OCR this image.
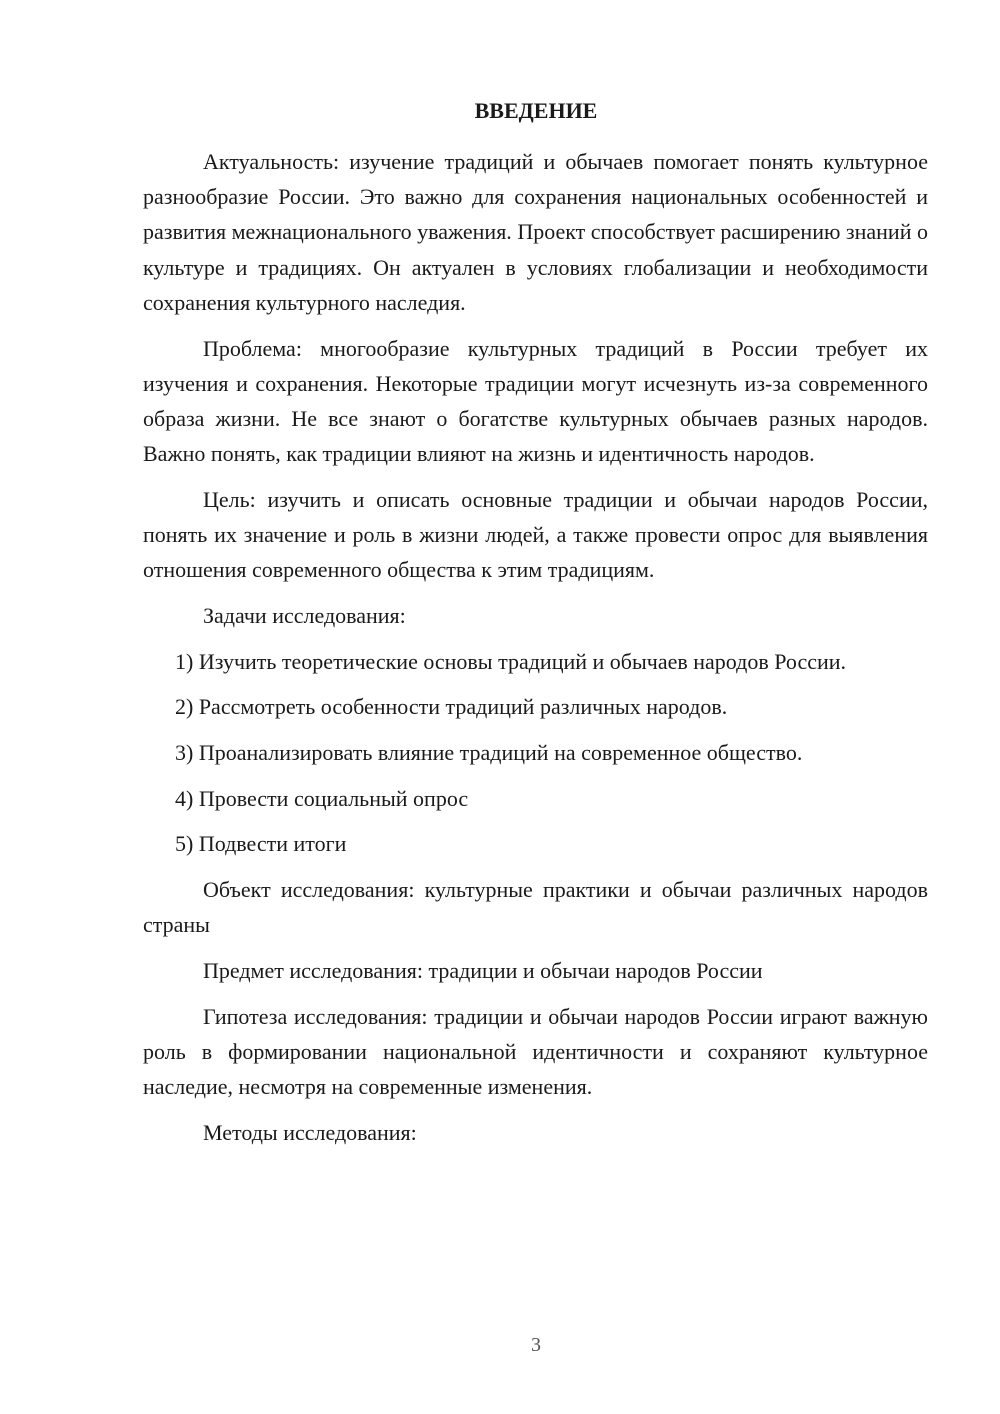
ВВЕДЕНИЕ

Актуальность: изучение традиций и обычаев помогает понять культурное разнообразие России. Это важно для сохранения национальных особенностей и развития межнационального уважения. Проект способствует расширению знаний о культуре и традициях. Он актуален в условиях глобализации и необходимости сохранения культурного наследия.

Проблема: многообразие культурных традиций в России требует их изучения и сохранения. Некоторые традиции могут исчезнуть из-за современного образа жизни. Не все знают о богатстве культурных обычаев разных народов. Важно понять, как традиции влияют на жизнь и идентичность народов.

Цель: изучить и описать основные традиции и обычаи народов России, понять их значение и роль в жизни людей, а также провести опрос для выявления отношения современного общества к этим традициям.

Задачи исследования:

1) Изучить теоретические основы традиций и обычаев народов России.

2) Рассмотреть особенности традиций различных народов.

3) Проанализировать влияние традиций на современное общество.

4) Провести социальный опрос

5) Подвести итоги

Объект исследования: культурные практики и обычаи различных народов страны

Предмет исследования: традиции и обычаи народов России

Гипотеза исследования: традиции и обычаи народов России играют важную роль в формировании национальной идентичности и сохраняют культурное наследие, несмотря на современные изменения.

Методы исследования:

3
